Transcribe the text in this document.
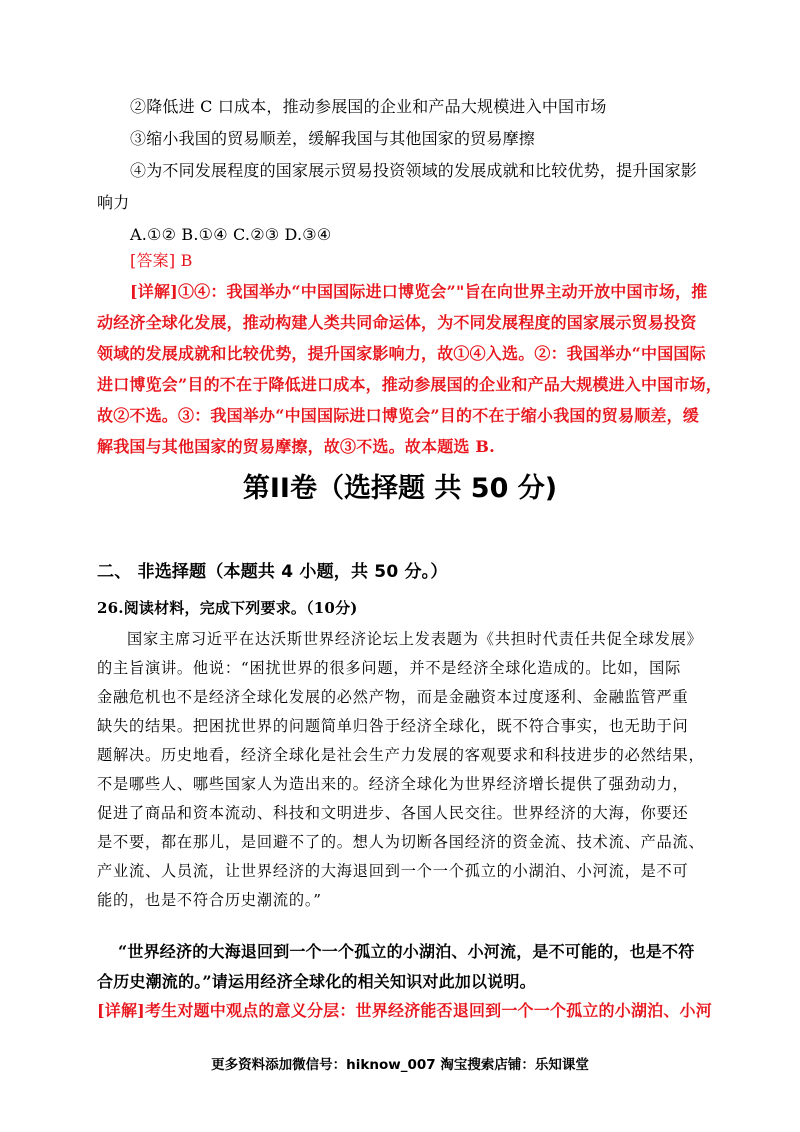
②降低进 C 口成本，推动参展国的企业和产品大规模进入中国市场
③缩小我国的贸易顺差，缓解我国与其他国家的贸易摩擦
④为不同发展程度的国家展示贸易投资领域的发展成就和比较优势，提升国家影
响力
A.①② B.①④ C.②③ D.③④
[答案] B
[详解]①④：我国举办“中国国际进口博览会”"旨在向世界主动开放中国市场，推
动经济全球化发展，推动构建人类共同命运体，为不同发展程度的国家展示贸易投资
领域的发展成就和比较优势，提升国家影响力，故①④入选。②：我国举办“中国国际
进口博览会”目的不在于降低进口成本，推动参展国的企业和产品大规模进入中国市场，
故②不选。③：我国举办“中国国际进口博览会”目的不在于缩小我国的贸易顺差，缓
解我国与其他国家的贸易摩擦，故③不选。故本题选 B.
第II卷（选择题 共 50 分)
二、 非选择题（本题共 4 小题，共 50 分。）
26.阅读材料，完成下列要求。（10分)
国家主席习近平在达沃斯世界经济论坛上发表题为《共担时代责任共促全球发展》
的主旨演讲。他说：“困扰世界的很多问题，并不是经济全球化造成的。比如，国际
金融危机也不是经济全球化发展的必然产物，而是金融资本过度逐利、金融监管严重
缺失的结果。把困扰世界的问题简单归咎于经济全球化，既不符合事实，也无助于问
题解决。历史地看，经济全球化是社会生产力发展的客观要求和科技进步的必然结果，
不是哪些人、哪些国家人为造出来的。经济全球化为世界经济增长提供了强劲动力，
促进了商品和资本流动、科技和文明进步、各国人民交往。世界经济的大海，你要还
是不要，都在那儿，是回避不了的。想人为切断各国经济的资金流、技术流、产品流、
产业流、人员流，让世界经济的大海退回到一个一个孤立的小湖泊、小河流，是不可
能的，也是不符合历史潮流的。”
“世界经济的大海退回到一个一个孤立的小湖泊、小河流，是不可能的，也是不符
合历史潮流的。”请运用经济全球化的相关知识对此加以说明。
[详解]考生对题中观点的意义分层：世界经济能否退回到一个一个孤立的小湖泊、小河
更多资料添加微信号：hiknow_007 淘宝搜索店铺：乐知课堂
